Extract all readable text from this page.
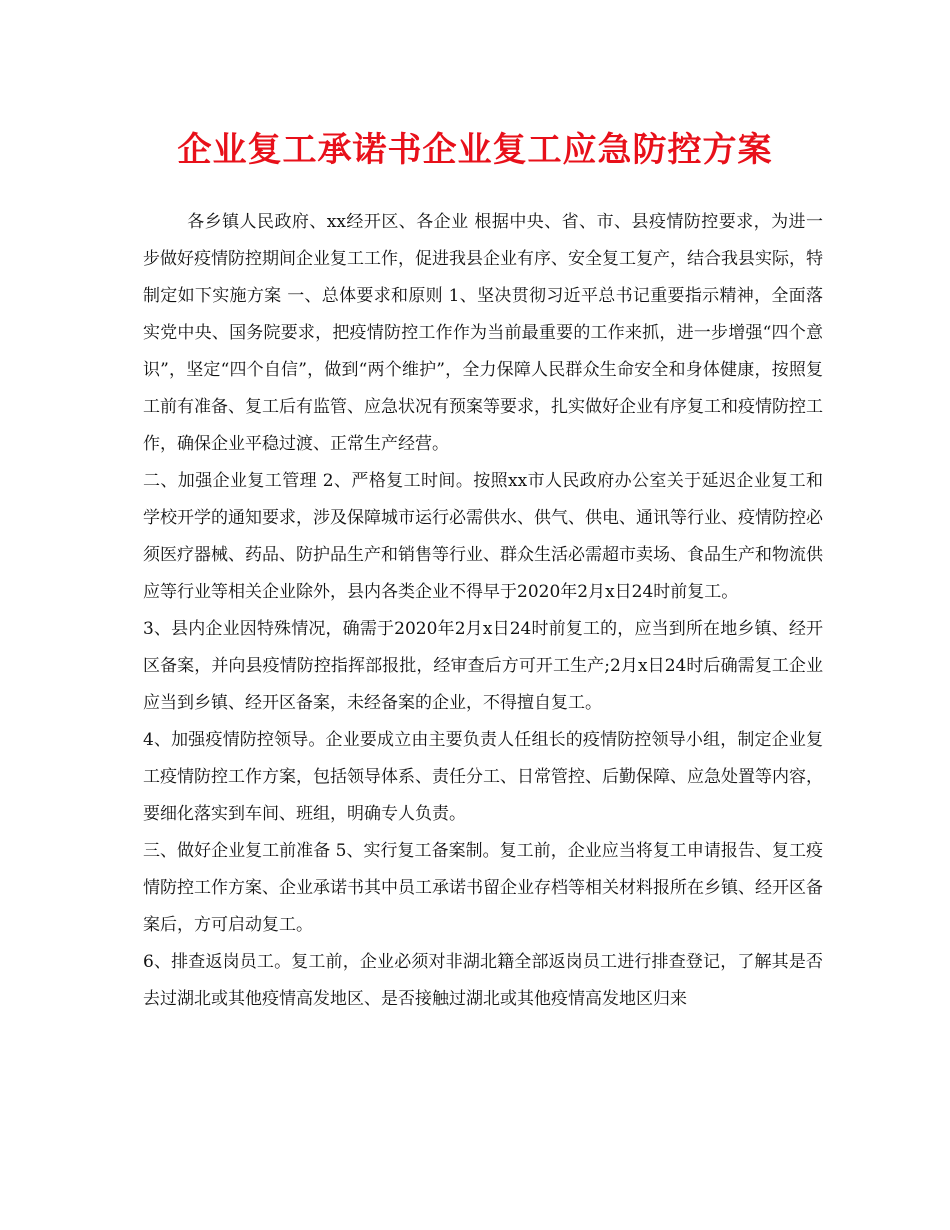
企业复工承诺书企业复工应急防控方案

各乡镇人民政府、xx经开区、各企业 根据中央、省、市、县疫情防控要求，为进一步做好疫情防控期间企业复工工作，促进我县企业有序、安全复工复产，结合我县实际，特制定如下实施方案 一、总体要求和原则 1、坚决贯彻习近平总书记重要指示精神，全面落实党中央、国务院要求，把疫情防控工作作为当前最重要的工作来抓，进一步增强“四个意识”，坚定“四个自信”，做到“两个维护”，全力保障人民群众生命安全和身体健康，按照复工前有准备、复工后有监管、应急状况有预案等要求，扎实做好企业有序复工和疫情防控工作，确保企业平稳过渡、正常生产经营。

二、加强企业复工管理 2、严格复工时间。按照xx市人民政府办公室关于延迟企业复工和学校开学的通知要求，涉及保障城市运行必需供水、供气、供电、通讯等行业、疫情防控必须医疗器械、药品、防护品生产和销售等行业、群众生活必需超市卖场、食品生产和物流供应等行业等相关企业除外，县内各类企业不得早于2020年2月x日24时前复工。

3、县内企业因特殊情况，确需于2020年2月x日24时前复工的，应当到所在地乡镇、经开区备案，并向县疫情防控指挥部报批，经审查后方可开工生产;2月x日24时后确需复工企业应当到乡镇、经开区备案，未经备案的企业，不得擅自复工。

4、加强疫情防控领导。企业要成立由主要负责人任组长的疫情防控领导小组，制定企业复工疫情防控工作方案，包括领导体系、责任分工、日常管控、后勤保障、应急处置等内容，要细化落实到车间、班组，明确专人负责。

三、做好企业复工前准备 5、实行复工备案制。复工前，企业应当将复工申请报告、复工疫情防控工作方案、企业承诺书其中员工承诺书留企业存档等相关材料报所在乡镇、经开区备案后，方可启动复工。

6、排查返岗员工。复工前，企业必须对非湖北籍全部返岗员工进行排查登记，了解其是否去过湖北或其他疫情高发地区、是否接触过湖北或其他疫情高发地区归来
